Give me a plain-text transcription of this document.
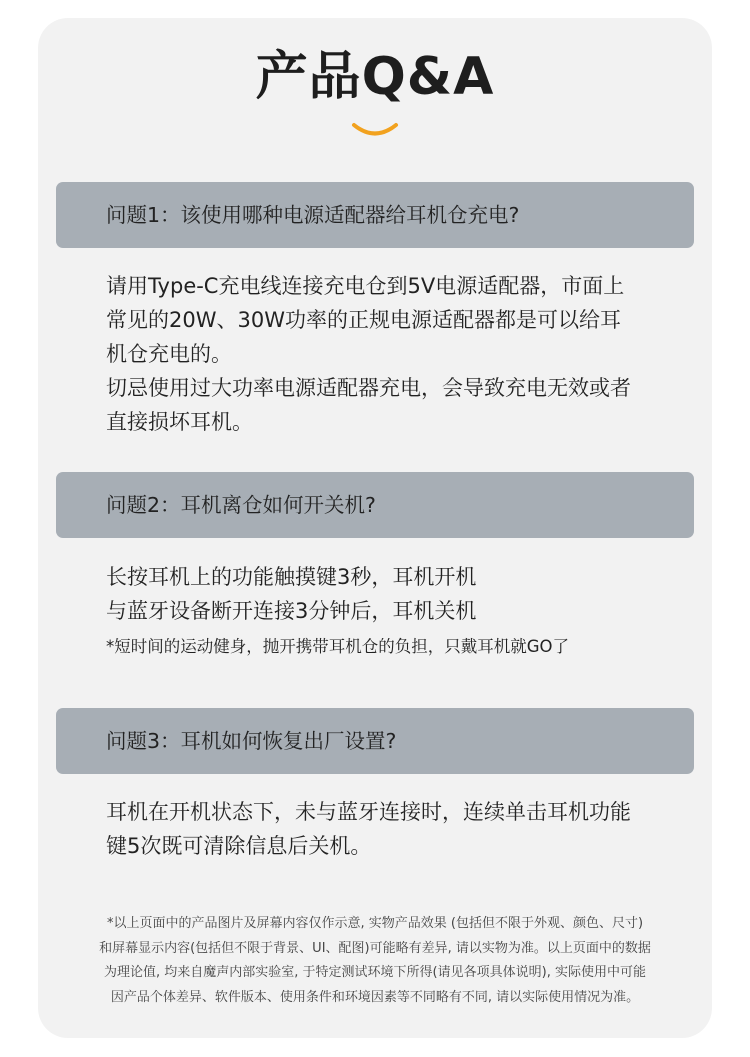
产品Q&A
问题1：该使用哪种电源适配器给耳机仓充电?
请用Type-C充电线连接充电仓到5V电源适配器，市面上
常见的20W、30W功率的正规电源适配器都是可以给耳
机仓充电的。
切忌使用过大功率电源适配器充电，会导致充电无效或者
直接损坏耳机。
问题2：耳机离仓如何开关机?
长按耳机上的功能触摸键3秒，耳机开机
与蓝牙设备断开连接3分钟后，耳机关机
*短时间的运动健身，抛开携带耳机仓的负担，只戴耳机就GO了
问题3：耳机如何恢复出厂设置?
耳机在开机状态下，未与蓝牙连接时，连续单击耳机功能
键5次既可清除信息后关机。
*以上页面中的产品图片及屏幕内容仅作示意, 实物产品效果 (包括但不限于外观、颜色、尺寸)
和屏幕显示内容(包括但不限于背景、UI、配图)可能略有差异, 请以实物为准。以上页面中的数据
为理论值, 均来自魔声内部实验室, 于特定测试环境下所得(请见各项具体说明), 实际使用中可能
因产品个体差异、软件版本、使用条件和环境因素等不同略有不同, 请以实际使用情况为准。
